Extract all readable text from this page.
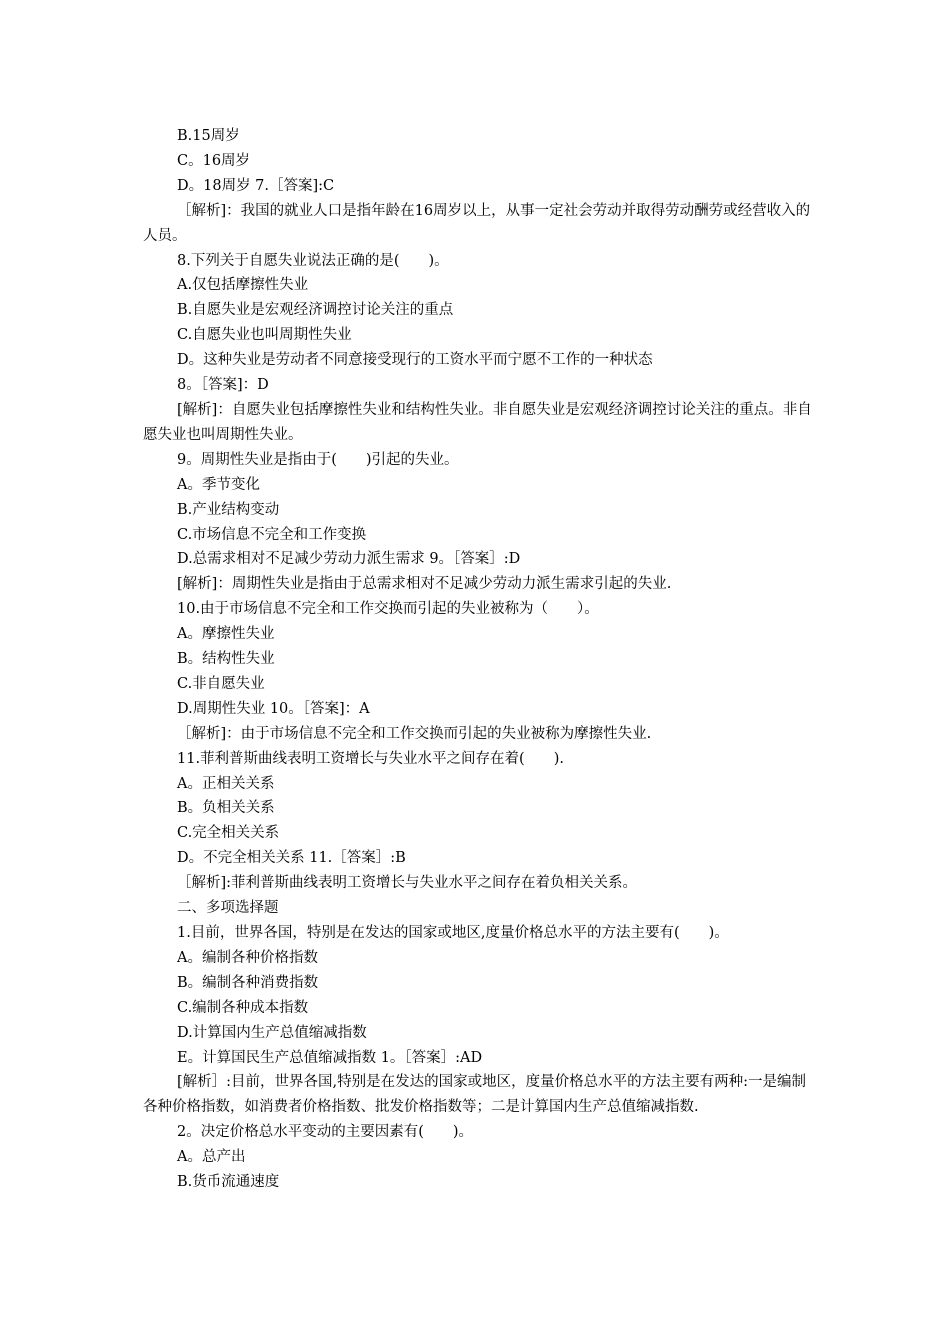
B.15周岁

C。16周岁

D。18周岁 7.［答案]:C

［解析]：我国的就业人口是指年龄在16周岁以上，从事一定社会劳动并取得劳动酬劳或经营收入的人员。

8.下列关于自愿失业说法正确的是(　　)。

A.仅包括摩擦性失业

B.自愿失业是宏观经济调控讨论关注的重点

C.自愿失业也叫周期性失业

D。这种失业是劳动者不同意接受现行的工资水平而宁愿不工作的一种状态

8。［答案]：D

[解析]：自愿失业包括摩擦性失业和结构性失业。非自愿失业是宏观经济调控讨论关注的重点。非自愿失业也叫周期性失业。

9。周期性失业是指由于(　　)引起的失业。

A。季节变化

B.产业结构变动

C.市场信息不完全和工作变换

D.总需求相对不足减少劳动力派生需求 9。［答案］:D

[解析]：周期性失业是指由于总需求相对不足减少劳动力派生需求引起的失业.

10.由于市场信息不完全和工作交换而引起的失业被称为（　　）。

A。摩擦性失业

B。结构性失业

C.非自愿失业

D.周期性失业 10。［答案]：A

［解析]：由于市场信息不完全和工作交换而引起的失业被称为摩擦性失业.

11.菲利普斯曲线表明工资增长与失业水平之间存在着(　　).

A。正相关关系

B。负相关关系

C.完全相关关系

D。不完全相关关系 11.［答案］:B

［解析]:菲利普斯曲线表明工资增长与失业水平之间存在着负相关关系。

二、多项选择题

1.目前，世界各国，特别是在发达的国家或地区,度量价格总水平的方法主要有(　　)。

A。编制各种价格指数

B。编制各种消费指数

C.编制各种成本指数

D.计算国内生产总值缩减指数

E。计算国民生产总值缩减指数 1。［答案］:AD

[解析］:目前，世界各国,特别是在发达的国家或地区，度量价格总水平的方法主要有两种:一是编制各种价格指数，如消费者价格指数、批发价格指数等；二是计算国内生产总值缩减指数.

2。决定价格总水平变动的主要因素有(　　)。

A。总产出

B.货币流通速度
